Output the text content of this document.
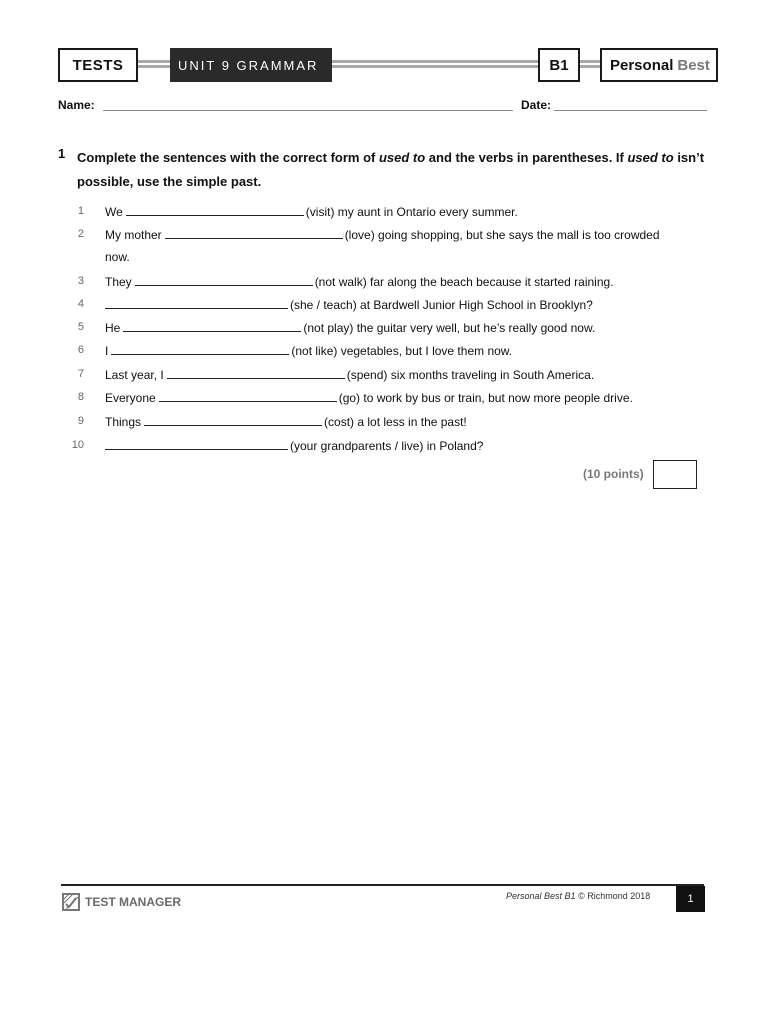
TESTS	UNIT 9 GRAMMAR	B1	Personal Best
Name:	Date:
1 Complete the sentences with the correct form of used to and the verbs in parentheses. If used to isn’t possible, use the simple past.
1 We	(visit) my aunt in Ontario every summer.
2 My mother	(love) going shopping, but she says the mall is too crowded
now.
3 They	(not walk) far along the beach because it started raining.
4	(she / teach) at Bardwell Junior High School in Brooklyn?
5 He	(not play) the guitar very well, but he’s really good now.
6 I	(not like) vegetables, but I love them now.
7 Last year, I	(spend) six months traveling in South America.
8 Everyone	(go) to work by bus or train, but now more people drive.
9 Things	(cost) a lot less in the past!
10	(your grandparents / live) in Poland?
(10 points)
TEST MANAGER	Personal Best B1 © Richmond 2018	1
